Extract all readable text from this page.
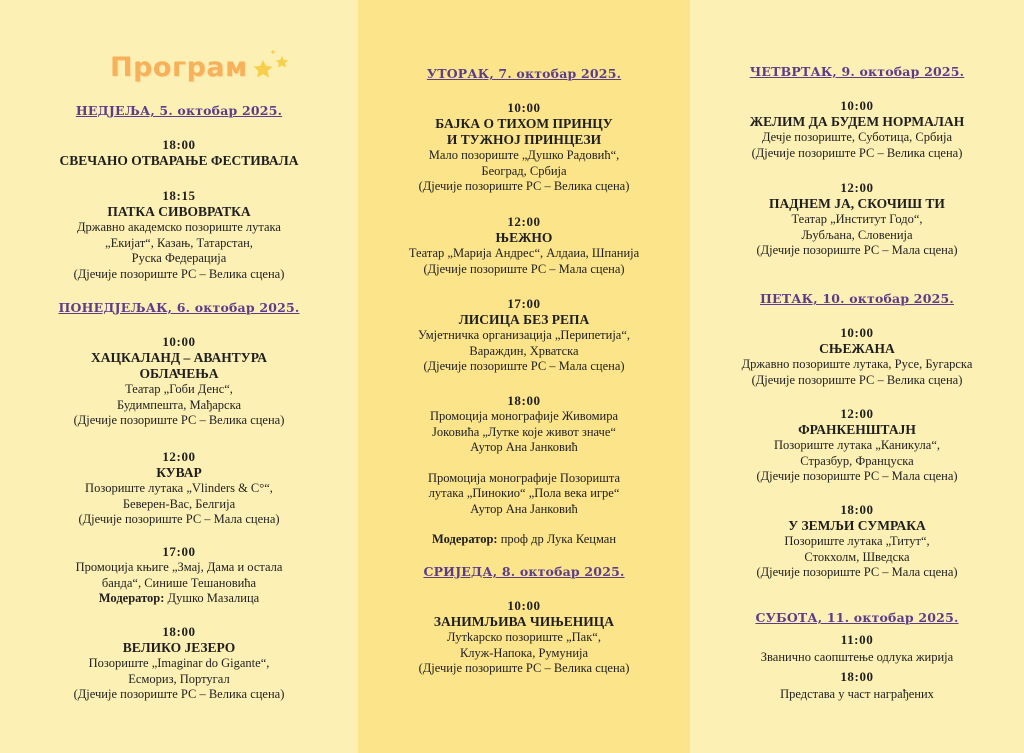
Програм
НЕДЈЕЉА, 5. октобар 2025.
18:00
СВЕЧАНО ОТВАРАЊЕ ФЕСТИВАЛА
18:15
ПАТКА СИВОВРАТКА
Државно академско позориште лутака
„Екијат“, Казањ, Татарстан,
Руска Федерација
(Дјечије позориште РС – Велика сцена)
ПОНЕДЈЕЉАК, 6. октобар 2025.
10:00
ХАЦКАЛАНД – АВАНТУРА
ОБЛАЧЕЊА
Театар „Гоби Денс“,
Будимпешта, Мађарска
(Дјечије позориште РС – Велика сцена)
12:00
КУВАР
Позориште лутака „Vlinders & C°“,
Беверен-Вас, Белгија
(Дјечије позориште РС – Мала сцена)
17:00
Промоција књиге „Змај, Дама и остала
банда“, Синише Тешановића
Модератор: Душко Мазалица
18:00
ВЕЛИКО ЈЕЗЕРО
Позориште „Imaginar do Gigante“,
Есмориз, Португал
(Дјечије позориште РС – Велика сцена)
УТОРАК, 7. октобар 2025.
10:00
БАЈКА О ТИХОМ ПРИНЦУ
И ТУЖНОЈ ПРИНЦЕЗИ
Мало позориште „Душко Радовић“,
Београд, Србија
(Дјечије позориште РС – Велика сцена)
12:00
ЊЕЖНО
Театар „Марија Андрес“, Алдаиа, Шпанија
(Дјечије позориште РС – Мала сцена)
17:00
ЛИСИЦА БЕЗ РЕПА
Умјетничка организација „Перипетија“,
Вараждин, Хрватска
(Дјечије позориште РС – Мала сцена)
18:00
Промоција монографије Живомира
Јоковића „Лутке које живот значе“
Аутор Ана Јанковић
Промоција монографије Позоришта
лутака „Пинокио“ „Пола века игре“
Аутор Ана Јанковић
Модератор: проф др Лука Кецман
СРИЈЕДА, 8. октобар 2025.
10:00
ЗАНИМЉИВА ЧИЊЕНИЦА
Лутkарско позориште „Пак“,
Клуж-Напока, Румунија
(Дјечије позориште РС – Велика сцена)
ЧЕТВРТАК, 9. октобар 2025.
10:00
ЖЕЛИМ ДА БУДЕМ НОРМАЛАН
Дечје позориште, Суботица, Србија
(Дјечије позориште РС – Велика сцена)
12:00
ПАДНЕМ ЈА, СКОЧИШ ТИ
Театар „Институт Годо“,
Љубљана, Словенија
(Дјечије позориште РС – Мала сцена)
ПЕТАК, 10. октобар 2025.
10:00
СЊЕЖАНА
Државно позориште лутака, Русе, Бугарска
(Дјечије позориште РС – Велика сцена)
12:00
ФРАНКЕНШТАЈН
Позориште лутака „Каникула“,
Стразбур, Француска
(Дјечије позориште РС – Мала сцена)
18:00
У ЗЕМЉИ СУМРАКА
Позориште лутака „Титут“,
Стокхолм, Шведска
(Дјечије позориште РС – Мала сцена)
СУБОТА, 11. октобар 2025.
11:00
Званично саопштење одлука жирија
18:00
Представа у част награђених
